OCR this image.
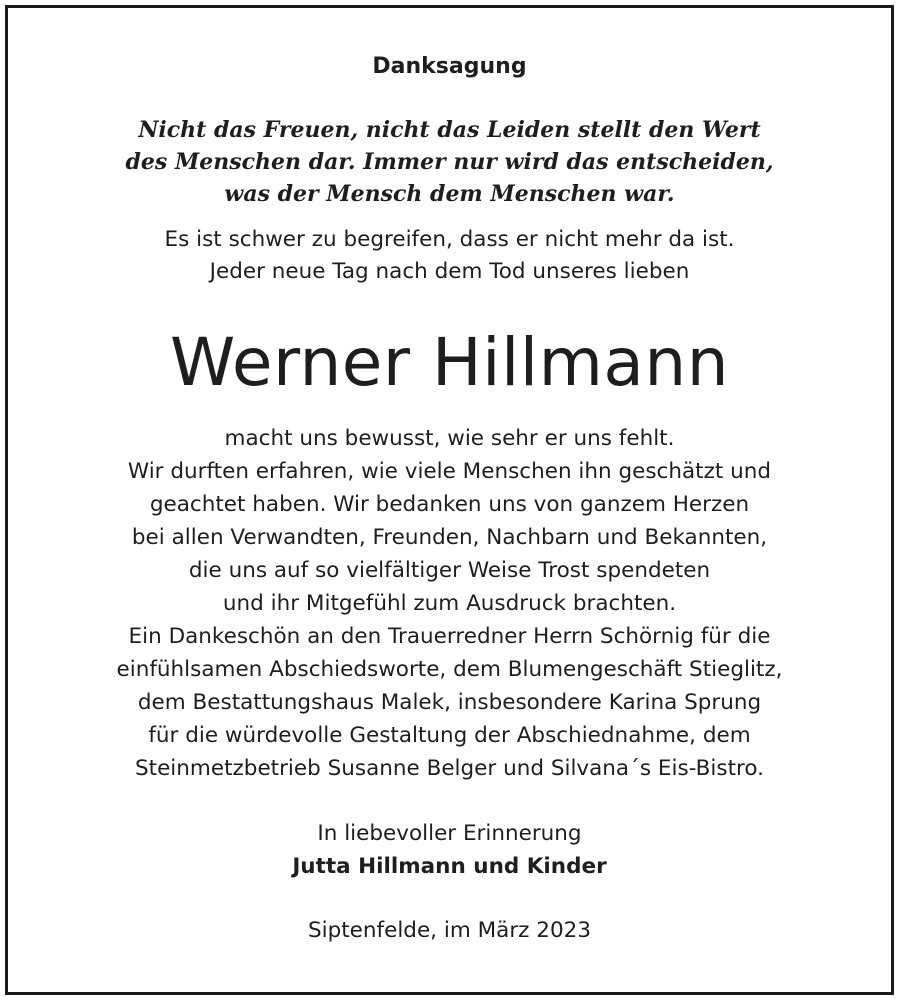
Danksagung
Nicht das Freuen, nicht das Leiden stellt den Wert
des Menschen dar. Immer nur wird das entscheiden,
was der Mensch dem Menschen war.
Es ist schwer zu begreifen, dass er nicht mehr da ist.
Jeder neue Tag nach dem Tod unseres lieben
Werner Hillmann
macht uns bewusst, wie sehr er uns fehlt.
Wir durften erfahren, wie viele Menschen ihn geschätzt und
geachtet haben. Wir bedanken uns von ganzem Herzen
bei allen Verwandten, Freunden, Nachbarn und Bekannten,
die uns auf so vielfältiger Weise Trost spendeten
und ihr Mitgefühl zum Ausdruck brachten.
Ein Dankeschön an den Trauerredner Herrn Schörnig für die
einfühlsamen Abschiedsworte, dem Blumengeschäft Stieglitz,
dem Bestattungshaus Malek, insbesondere Karina Sprung
für die würdevolle Gestaltung der Abschiednahme, dem
Steinmetzbetrieb Susanne Belger und Silvana´s Eis-Bistro.
In liebevoller Erinnerung
Jutta Hillmann und Kinder
Siptenfelde, im März 2023
